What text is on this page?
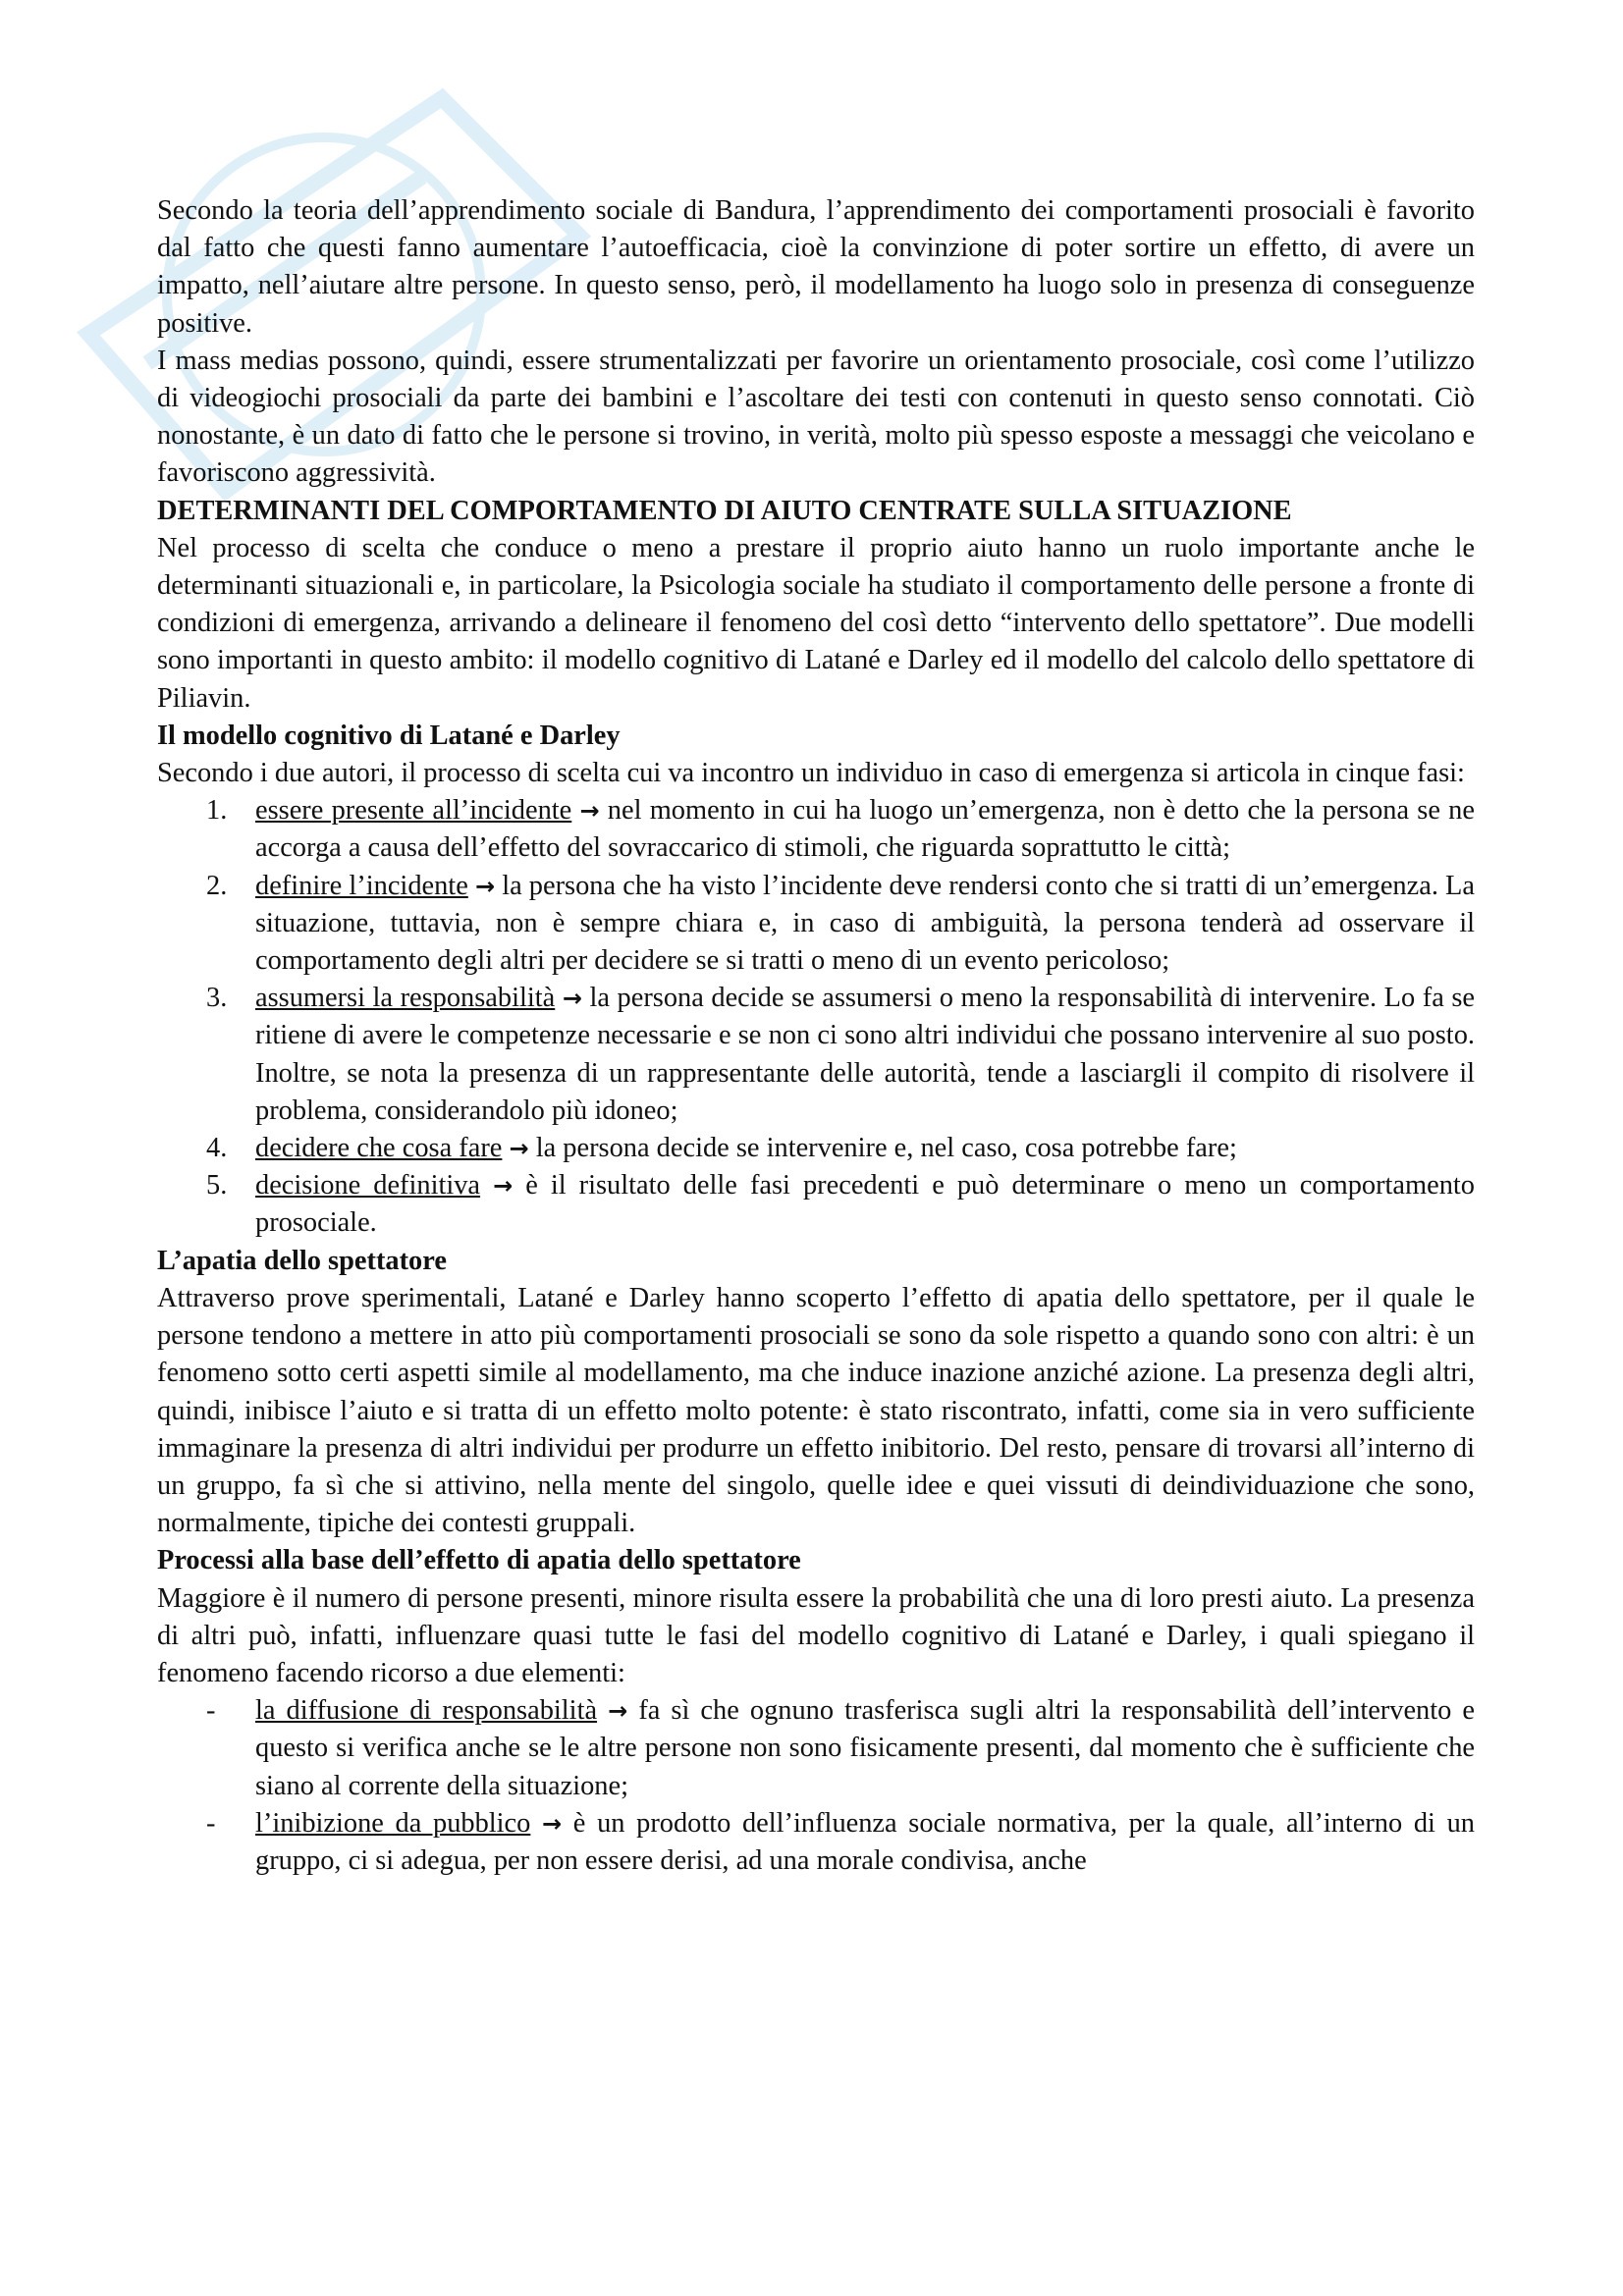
Secondo la teoria dell’apprendimento sociale di Bandura, l’apprendimento dei comportamenti prosociali è favorito dal fatto che questi fanno aumentare l’autoefficacia, cioè la convinzione di poter sortire un effetto, di avere un impatto, nell’aiutare altre persone. In questo senso, però, il modellamento ha luogo solo in presenza di conseguenze positive.

I mass medias possono, quindi, essere strumentalizzati per favorire un orientamento prosociale, così come l’utilizzo di videogiochi prosociali da parte dei bambini e l’ascoltare dei testi con contenuti in questo senso connotati. Ciò nonostante, è un dato di fatto che le persone si trovino, in verità, molto più spesso esposte a messaggi che veicolano e favoriscono aggressività.

DETERMINANTI DEL COMPORTAMENTO DI AIUTO CENTRATE SULLA SITUAZIONE

Nel processo di scelta che conduce o meno a prestare il proprio aiuto hanno un ruolo importante anche le determinanti situazionali e, in particolare, la Psicologia sociale ha studiato il comportamento delle persone a fronte di condizioni di emergenza, arrivando a delineare il fenomeno del così detto “intervento dello spettatore”. Due modelli sono importanti in questo ambito: il modello cognitivo di Latané e Darley ed il modello del calcolo dello spettatore di Piliavin.

Il modello cognitivo di Latané e Darley

Secondo i due autori, il processo di scelta cui va incontro un individuo in caso di emergenza si articola in cinque fasi:

1.	essere presente all’incidente → nel momento in cui ha luogo un’emergenza, non è detto che la persona se ne accorga a causa dell’effetto del sovraccarico di stimoli, che riguarda soprattutto le città;
2.	definire l’incidente → la persona che ha visto l’incidente deve rendersi conto che si tratti di un’emergenza. La situazione, tuttavia, non è sempre chiara e, in caso di ambiguità, la persona tenderà ad osservare il comportamento degli altri per decidere se si tratti o meno di un evento pericoloso;
3.	assumersi la responsabilità → la persona decide se assumersi o meno la responsabilità di intervenire. Lo fa se ritiene di avere le competenze necessarie e se non ci sono altri individui che possano intervenire al suo posto. Inoltre, se nota la presenza di un rappresentante delle autorità, tende a lasciargli il compito di risolvere il problema, considerandolo più idoneo;
4.	decidere che cosa fare → la persona decide se intervenire e, nel caso, cosa potrebbe fare;
5.	decisione definitiva → è il risultato delle fasi precedenti e può determinare o meno un comportamento prosociale.
L’apatia dello spettatore

Attraverso prove sperimentali, Latané e Darley hanno scoperto l’effetto di apatia dello spettatore, per il quale le persone tendono a mettere in atto più comportamenti prosociali se sono da sole rispetto a quando sono con altri: è un fenomeno sotto certi aspetti simile al modellamento, ma che induce inazione anziché azione. La presenza degli altri, quindi, inibisce l’aiuto e si tratta di un effetto molto potente: è stato riscontrato, infatti, come sia in vero sufficiente immaginare la presenza di altri individui per produrre un effetto inibitorio. Del resto, pensare di trovarsi all’interno di un gruppo, fa sì che si attivino, nella mente del singolo, quelle idee e quei vissuti di deindividuazione che sono, normalmente, tipiche dei contesti gruppali.

Processi alla base dell’effetto di apatia dello spettatore

Maggiore è il numero di persone presenti, minore risulta essere la probabilità che una di loro presti aiuto. La presenza di altri può, infatti, influenzare quasi tutte le fasi del modello cognitivo di Latané e Darley, i quali spiegano il fenomeno facendo ricorso a due elementi:

-	la diffusione di responsabilità → fa sì che ognuno trasferisca sugli altri la responsabilità dell’intervento e questo si verifica anche se le altre persone non sono fisicamente presenti, dal momento che è sufficiente che siano al corrente della situazione;
-	l’inibizione da pubblico → è un prodotto dell’influenza sociale normativa, per la quale, all’interno di un gruppo, ci si adegua, per non essere derisi, ad una morale condivisa, anche
